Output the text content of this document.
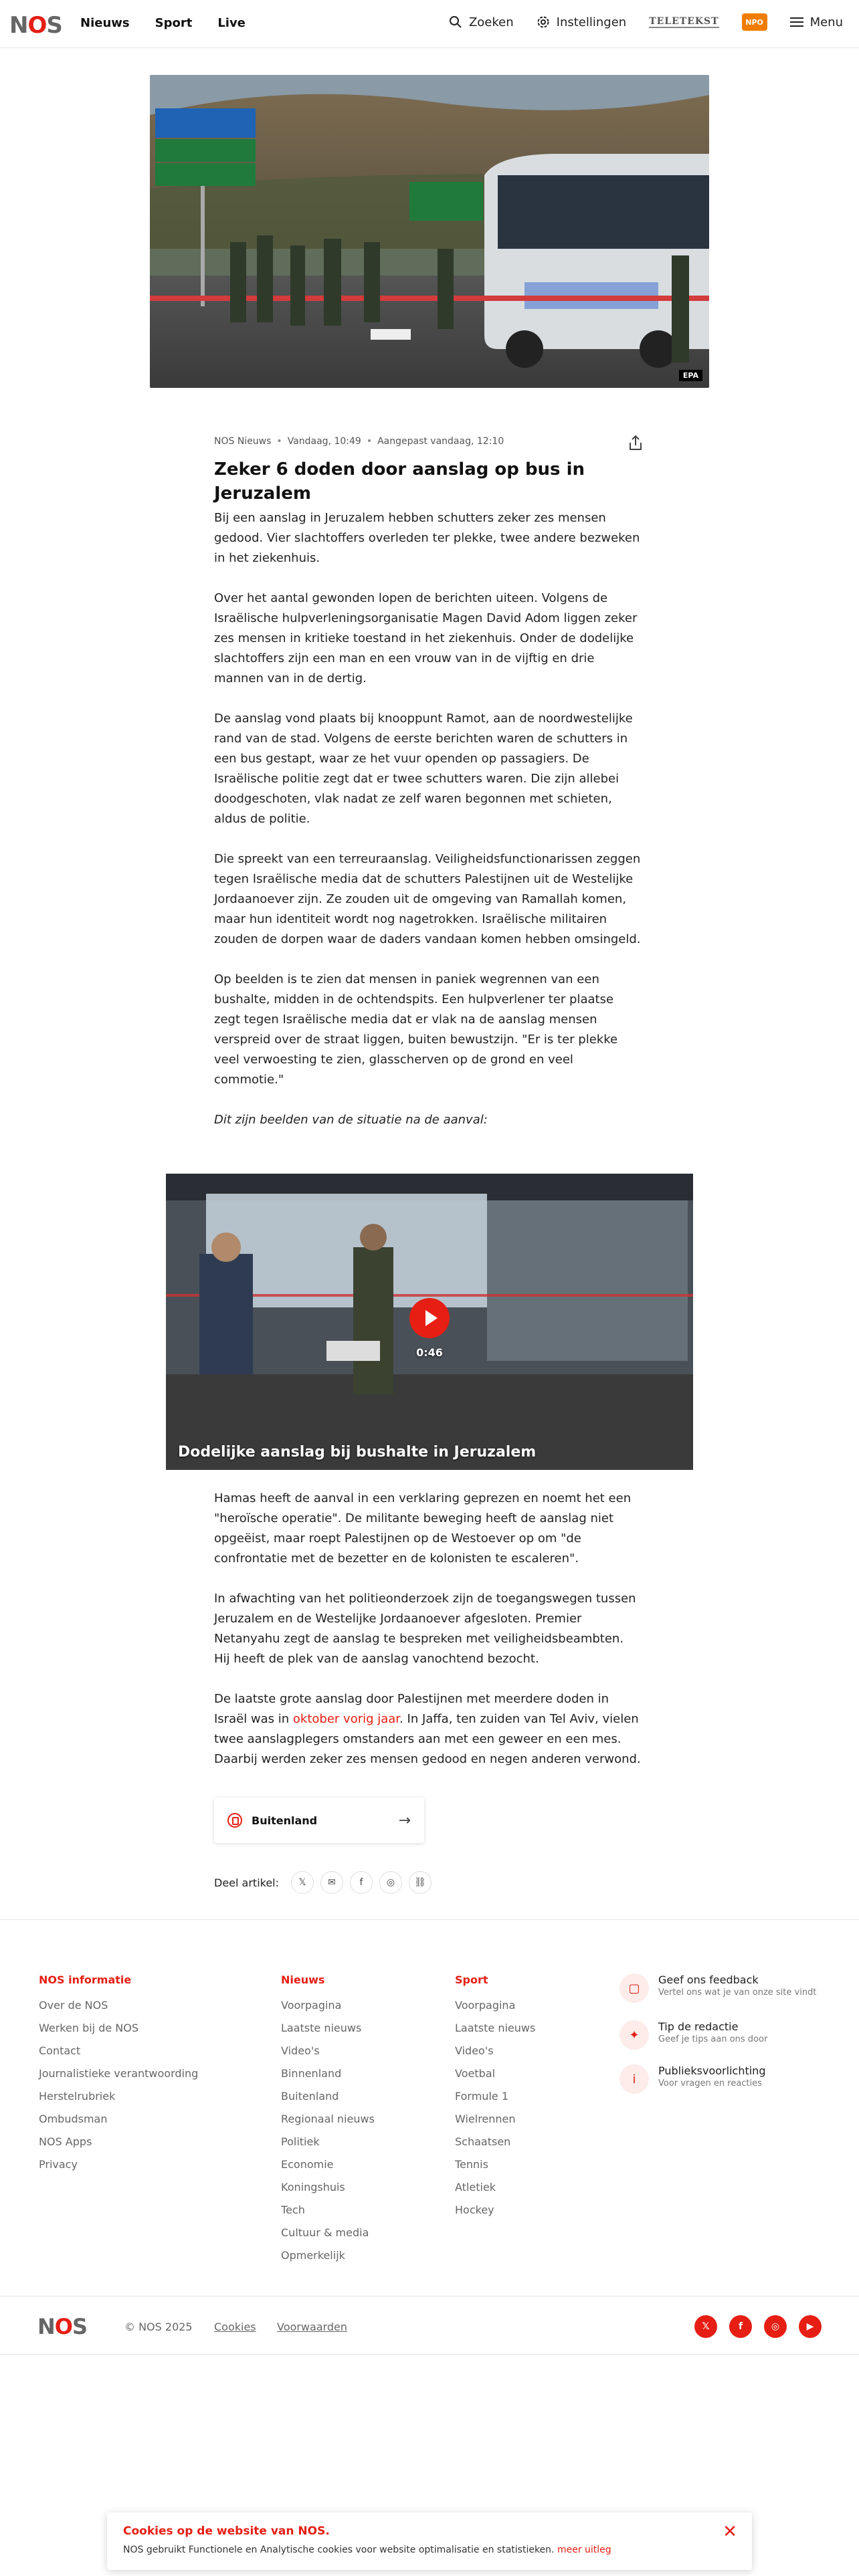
NOS Nieuws Sport Live	Zoeken	Instellingen TELETEKST	NPO	Menu
EPA
NOS Nieuws • Vandaag, 10:49 • Aangepast vandaag, 12:10
Zeker 6 doden door aanslag op bus in Jeruzalem

Bij een aanslag in Jeruzalem hebben schutters zeker zes mensen gedood. Vier slachtoffers overleden ter plekke, twee andere bezweken in het ziekenhuis.

Over het aantal gewonden lopen de berichten uiteen. Volgens de Israëlische hulpverleningsorganisatie Magen David Adom liggen zeker zes mensen in kritieke toestand in het ziekenhuis. Onder de dodelijke slachtoffers zijn een man en een vrouw van in de vijftig en drie mannen van in de dertig.

De aanslag vond plaats bij knooppunt Ramot, aan de noordwestelijke rand van de stad. Volgens de eerste berichten waren de schutters in een bus gestapt, waar ze het vuur openden op passagiers. De Israëlische politie zegt dat er twee schutters waren. Die zijn allebei doodgeschoten, vlak nadat ze zelf waren begonnen met schieten, aldus de politie.

Die spreekt van een terreuraanslag. Veiligheidsfunctionarissen zeggen tegen Israëlische media dat de schutters Palestijnen uit de Westelijke Jordaanoever zijn. Ze zouden uit de omgeving van Ramallah komen, maar hun identiteit wordt nog nagetrokken. Israëlische militairen zouden de dorpen waar de daders vandaan komen hebben omsingeld.

Op beelden is te zien dat mensen in paniek wegrennen van een bushalte, midden in de ochtendspits. Een hulpverlener ter plaatse zegt tegen Israëlische media dat er vlak na de aanslag mensen verspreid over de straat liggen, buiten bewustzijn. "Er is ter plekke veel verwoesting te zien, glasscherven op de grond en veel commotie."

Dit zijn beelden van de situatie na de aanval:

0:46
Dodelijke aanslag bij bushalte in Jeruzalem

Hamas heeft de aanval in een verklaring geprezen en noemt het een "heroïsche operatie". De militante beweging heeft de aanslag niet opgeëist, maar roept Palestijnen op de Westoever op om "de confrontatie met de bezetter en de kolonisten te escaleren".

In afwachting van het politieonderzoek zijn de toegangswegen tussen Jeruzalem en de Westelijke Jordaanoever afgesloten. Premier Netanyahu zegt de aanslag te bespreken met veiligheidsbeambten. Hij heeft de plek van de aanslag vanochtend bezocht.

De laatste grote aanslag door Palestijnen met meerdere doden in Israël was in oktober vorig jaar. In Jaffa, ten zuiden van Tel Aviv, vielen twee aanslagplegers omstanders aan met een geweer en een mes. Daarbij werden zeker zes mensen gedood en negen anderen verwond.

Buitenland	→
Deel artikel:	𝕏	✉	f	◎	⛓
NOS informatie
Over de NOS
Werken bij de NOS
Contact
Journalistieke verantwoording
Herstelrubriek
Ombudsman
NOS Apps
Privacy
Nieuws
Voorpagina
Laatste nieuws
Video's
Binnenland
Buitenland
Regionaal nieuws
Politiek
Economie
Koningshuis
Tech
Cultuur & media
Opmerkelijk
Sport
Voorpagina
Laatste nieuws
Video's
Voetbal
Formule 1
Wielrennen
Schaatsen
Tennis
Atletiek
Hockey
▢
Geef ons feedback
Vertel ons wat je van onze site vindt
✦
Tip de redactie
Geef je tips aan ons door
i
Publieksvoorlichting
Voor vragen en reacties
NOS	© NOS 2025 Cookies Voorwaarden	𝕏	f	◎	▶
Cookies op de website van NOS.
NOS gebruikt Functionele en Analytische cookies voor website optimalisatie en statistieken. meer uitleg
✕
